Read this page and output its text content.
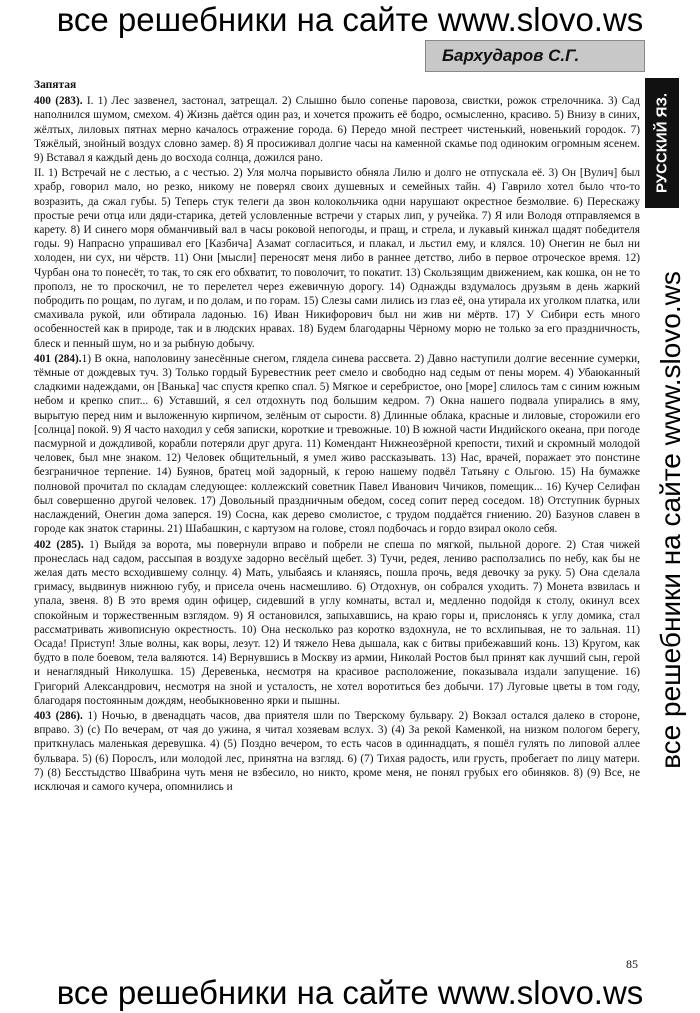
все решебники на сайте www.slovo.ws
Бархударов С.Г.
РУССКИЙ ЯЗ.
все решебники на сайте www.slovo.ws
Запятая

400 (283). I. 1) Лес зазвенел, застонал, затрещал. 2) Слышно было сопенье паровоза, свистки, рожок стрелочника. 3) Сад наполнился шумом, смехом. 4) Жизнь даётся один раз, и хочется прожить её бодро, осмысленно, красиво. 5) Внизу в синих, жёлтых, лиловых пятнах мерно качалось отражение города. 6) Передо мной пестреет чистенький, новенький городок. 7) Тяжёлый, знойный воздух словно замер. 8) Я просиживал долгие часы на каменной скамье под одиноким огромным ясенем. 9) Вставал я каждый день до восхода солнца, дожился рано.

II. 1) Встречай не с лестью, а с честью. 2) Уля молча порывисто обняла Лилю и долго не отпускала её. 3) Он [Вулич] был храбр, говорил мало, но резко, никому не поверял своих душевных и семейных тайн. 4) Гаврило хотел было что-то возразить, да сжал губы. 5) Теперь стук телеги да звон колокольчика одни нарушают окрестное безмолвие. 6) Перескажу простые речи отца или дяди-старика, детей условленные встречи у старых лип, у ручейка. 7) Я или Володя отправляемся в карету. 8) И синего моря обманчивый вал в часы роковой непогоды, и пращ, и стрела, и лукавый кинжал щадят победителя годы. 9) Напрасно упрашивал его [Казбича] Азамат согласиться, и плакал, и льстил ему, и клялся. 10) Онегин не был ни холоден, ни сух, ни чёрств. 11) Они [мысли] переносят меня либо в раннее детство, либо в первое отроческое время. 12) Чурбан она то понесёт, то так, то сяк его обхватит, то поволочит, то покатит. 13) Скользящим движением, как кошка, он не то прополз, не то проскочил, не то перелетел через ежевичную дорогу. 14) Однажды вздумалось друзьям в день жаркий побродить по рощам, по лугам, и по долам, и по горам. 15) Слезы сами лились из глаз её, она утирала их уголком платка, или смахивала рукой, или обтирала ладонью. 16) Иван Никифорович был ни жив ни мёртв. 17) У Сибири есть много особенностей как в природе, так и в людских нравах. 18) Будем благодарны Чёрному морю не только за его праздничность, блеск и пенный шум, но и за рыбную добычу.

401 (284).1) В окна, наполовину занесённые снегом, глядела синева рассвета. 2) Давно наступили долгие весенние сумерки, тёмные от дождевых туч. 3) Только гордый Буревестник реет смело и свободно над седым от пены морем. 4) Убаюканный сладкими надеждами, он [Ванька] час спустя крепко спал. 5) Мягкое и серебристое, оно [море] слилось там с синим южным небом и крепко спит... 6) Уставший, я сел отдохнуть под большим кедром. 7) Окна нашего подвала упирались в яму, вырытую перед ним и выложенную кирпичом, зелёным от сырости. 8) Длинные облака, красные и лиловые, сторожили его [солнца] покой. 9) Я часто находил у себя записки, короткие и тревожные. 10) В южной части Индийского океана, при погоде пасмурной и дождливой, корабли потеряли друг друга. 11) Комендант Нижнеозёрной крепости, тихий и скромный молодой человек, был мне знаком. 12) Человек общительный, я умел живо рассказывать. 13) Нас, врачей, поражает это понстине безграничное терпение. 14) Буянов, братец мой задорный, к герою нашему подвёл Татьяну с Ольгою. 15) На бумажке полновой прочитал по складам следующее: коллежский советник Павел Иванович Чичиков, помещик... 16) Кучер Селифан был совершенно другой человек. 17) Довольный праздничным обедом, сосед сопит перед соседом. 18) Отступник бурных наслаждений, Онегин дома заперся. 19) Сосна, как дерево смолистое, с трудом поддаётся гниению. 20) Базунов славен в городе как знаток старины. 21) Шабашкин, с картузом на голове, стоял подбочась и гордо взирал около себя.

402 (285). 1) Выйдя за ворота, мы повернули вправо и побрели не спеша по мягкой, пыльной дороге. 2) Стая чижей пронеслась над садом, рассыпая в воздухе задорно весёлый щебет. 3) Тучи, редея, лениво расползались по небу, как бы не желая дать место всходившему солнцу. 4) Мать, улыбаясь и кланяясь, пошла прочь, ведя девочку за руку. 5) Она сделала гримасу, выдвинув нижнюю губу, и присела очень насмешливо. 6) Отдохнув, он собрался уходить. 7) Монета взвилась и упала, звеня. 8) В это время один офицер, сидевший в углу комнаты, встал и, медленно подойдя к столу, окинул всех спокойным и торжественным взглядом. 9) Я остановился, запыхавшись, на краю горы и, прислонясь к углу домика, стал рассматривать живописную окрестность. 10) Она несколько раз коротко вздохнула, не то всхлипывая, не то зальная. 11) Осада! Приступ! Злые волны, как воры, лезут. 12) И тяжело Нева дышала, как с битвы прибежавший конь. 13) Кругом, как будто в поле боевом, тела валяются. 14) Вернувшись в Москву из армии, Николай Ростов был принят как лучший сын, герой и ненаглядный Николушка. 15) Деревенька, несмотря на красивое расположение, показывала издали запущение. 16) Григорий Александрович, несмотря на зной и усталость, не хотел воротиться без добычи. 17) Луговые цветы в том году, благодаря постоянным дождям, необыкновенно ярки и пышны.

403 (286). 1) Ночью, в двенадцать часов, два приятеля шли по Тверскому бульвару. 2) Вокзал остался далеко в стороне, вправо. 3) (с) По вечерам, от чая до ужина, я читал хозяевам вслух. 3) (4) За рекой Каменкой, на низком пологом берегу, приткнулась маленькая деревушка. 4) (5) Поздно вечером, то есть часов в одиннадцать, я пошёл гулять по липовой аллее бульвара. 5) (6) Порослъ, или молодой лес, принятна на взгляд. 6) (7) Тихая радость, или грусть, пробегает по лицу матери. 7) (8) Бесстыдство Швабрина чуть меня не взбесило, но никто, кроме меня, не понял грубых его обиняков. 8) (9) Все, не исключая и самого кучера, опомнились и

85
все решебники на сайте www.slovo.ws
